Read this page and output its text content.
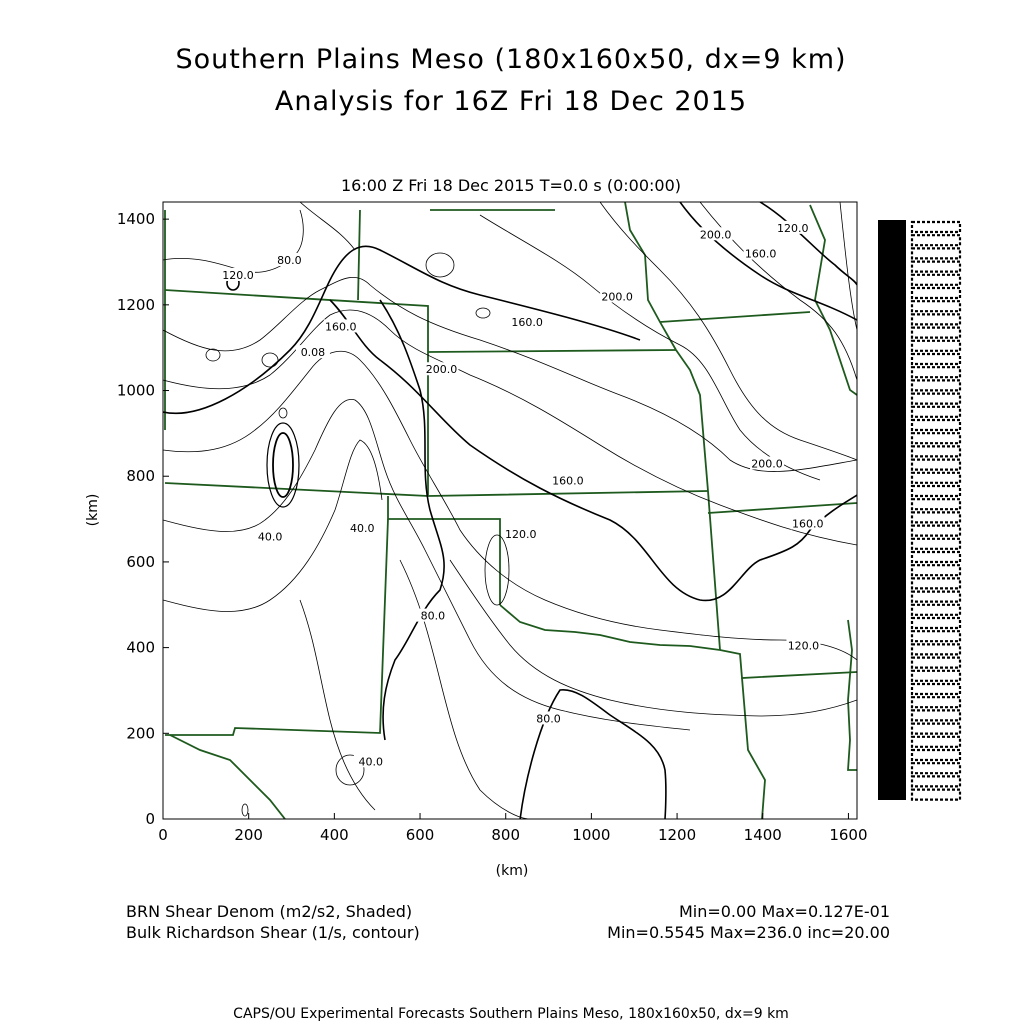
Southern Plains Meso (180x160x50, dx=9 km)
Analysis for 16Z Fri 18 Dec 2015
16:00 Z Fri 18 Dec 2015 T=0.0 s (0:00:00)
120.0
80.0
160.0
0.08
200.0
160.0
200.0
200.0
160.0
120.0
160.0
200.0
160.0
120.0
40.0
40.0
80.0
80.0
40.0
120.0
0	200	400	600	800	1000	1200	1400	1600
0
200
400
600
800
1000
1200
1400
(km)
(km)
BRN Shear Denom (m2/s2, Shaded)
Bulk Richardson Shear (1/s, contour)
Min=0.00 Max=0.127E-01
Min=0.5545 Max=236.0 inc=20.00
CAPS/OU Experimental Forecasts Southern Plains Meso, 180x160x50, dx=9 km
